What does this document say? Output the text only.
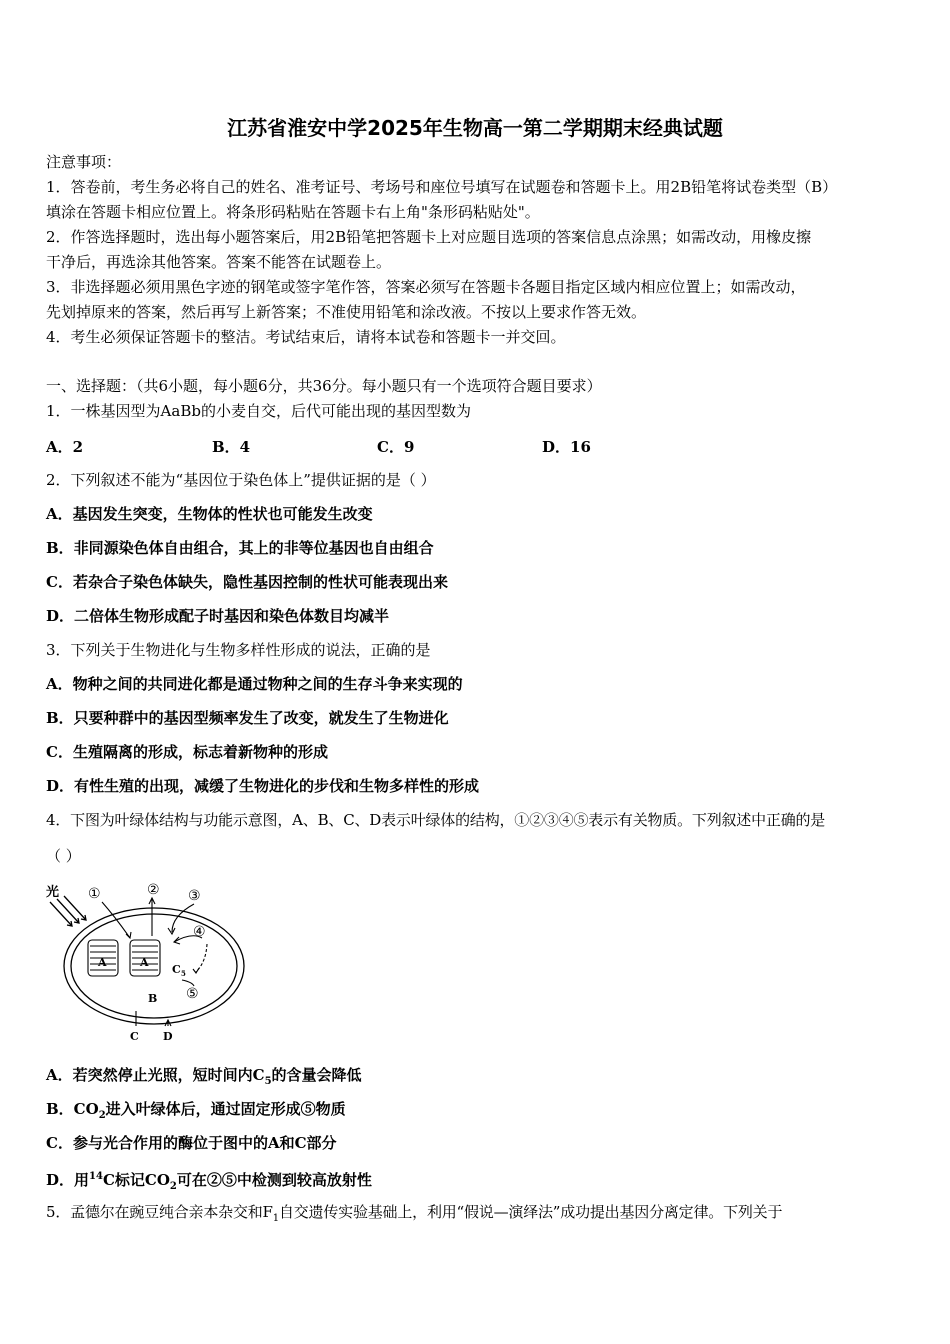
江苏省淮安中学2025年生物高一第二学期期末经典试题
注意事项：
1．答卷前，考生务必将自己的姓名、准考证号、考场号和座位号填写在试题卷和答题卡上。用2B铅笔将试卷类型（B）
填涂在答题卡相应位置上。将条形码粘贴在答题卡右上角"条形码粘贴处"。
2．作答选择题时，选出每小题答案后，用2B铅笔把答题卡上对应题目选项的答案信息点涂黑；如需改动，用橡皮擦
干净后，再选涂其他答案。答案不能答在试题卷上。
3．非选择题必须用黑色字迹的钢笔或签字笔作答，答案必须写在答题卡各题目指定区域内相应位置上；如需改动，
先划掉原来的答案，然后再写上新答案；不准使用铅笔和涂改液。不按以上要求作答无效。
4．考生必须保证答题卡的整洁。考试结束后，请将本试卷和答题卡一并交回。
一、选择题：（共6小题，每小题6分，共36分。每小题只有一个选项符合题目要求）
1．一株基因型为AaBb的小麦自交，后代可能出现的基因型数为
A．2	B．4	C．9	D．16
2．下列叙述不能为“基因位于染色体上”提供证据的是（ ）
A．基因发生突变，生物体的性状也可能发生改变
B．非同源染色体自由组合，其上的非等位基因也自由组合
C．若杂合子染色体缺失，隐性基因控制的性状可能表现出来
D．二倍体生物形成配子时基因和染色体数目均减半
3．下列关于生物进化与生物多样性形成的说法，正确的是
A．物种之间的共同进化都是通过物种之间的生存斗争来实现的
B．只要种群中的基因型频率发生了改变，就发生了生物进化
C．生殖隔离的形成，标志着新物种的形成
D．有性生殖的出现，减缓了生物进化的步伐和生物多样性的形成
4．下图为叶绿体结构与功能示意图，A、B、C、D表示叶绿体的结构，①②③④⑤表示有关物质。下列叙述中正确的是
（ ）
光
A	A
①	② ③
④
⑤
C 5
B
C D
A．若突然停止光照，短时间内$C_5$的含量会降低
B．$CO_2$进入叶绿体后，通过固定形成⑤物质
C．参与光合作用的酶位于图中的A和C部分
D．用$^{14}$C标记$CO_2$可在②⑤中检测到较高放射性
5．孟德尔在豌豆纯合亲本杂交和$F_1$自交遗传实验基础上，利用“假说—演绎法”成功提出基因分离定律。下列关于
